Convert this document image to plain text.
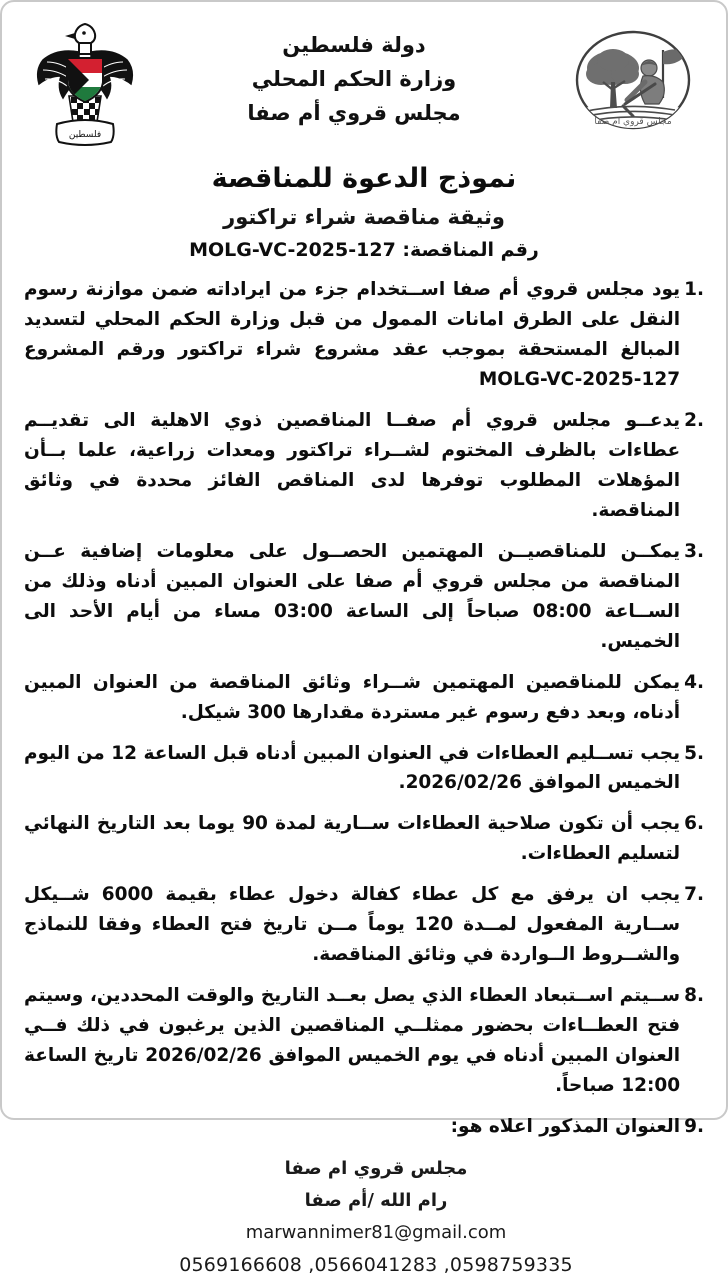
مجلس قروي ام صفا
دولة فلسطين
وزارة الحكم المحلي
مجلس قروي أم صفا
فلسطين
نموذج الدعوة للمناقصة
وثيقة مناقصة شراء تراكتور
رقم المناقصة: MOLG-VC-2025-127
1.
يود مجلس قروي أم صفا اســتخدام جزء من ايراداته ضمن موازنة رسوم النقل على الطرق امانات الممول من قبل وزارة الحكم المحلي لتسديد المبالغ المستحقة بموجب عقد مشروع شراء تراكتور ورقم المشروع MOLG-VC-2025-127
2.
يدعــو مجلس قروي أم صفــا المناقصين ذوي الاهلية الى تقديــم عطاءات بالظرف المختوم لشــراء تراكتور ومعدات زراعية، علما بــأن المؤهلات المطلوب توفرها لدى المناقص الفائز محددة في وثائق المناقصة.
3.
يمكــن للمناقصيــن المهتمين الحصــول على معلومات إضافية عــن المناقصة من مجلس قروي أم صفا على العنوان المبين أدناه وذلك من الســاعة 08:00 صباحاً إلى الساعة 03:00 مساء من أيام الأحد الى الخميس.
4.
يمكن للمناقصين المهتمين شــراء وثائق المناقصة من العنوان المبين أدناه، وبعد دفع رسوم غير مستردة مقدارها 300 شيكل.
5.
يجب تســليم العطاءات في العنوان المبين أدناه قبل الساعة 12 من اليوم الخميس الموافق 2026/02/26.
6.
يجب أن تكون صلاحية العطاءات ســارية لمدة 90 يوما بعد التاريخ النهائي لتسليم العطاءات.
7.
يجب ان يرفق مع كل عطاء كفالة دخول عطاء بقيمة 6000 شــيكل ســارية المفعول لمــدة 120 يوماً مــن تاريخ فتح العطاء وفقا للنماذج والشــروط الــواردة في وثائق المناقصة.
8.
ســيتم اســتبعاد العطاء الذي يصل بعــد التاريخ والوقت المحددين، وسيتم فتح العطــاءات بحضور ممثلــي المناقصين الذين يرغبون في ذلك فــي العنوان المبين أدناه في يوم الخميس الموافق 2026/02/26 تاريخ الساعة 12:00 صباحاً.
9.
العنوان المذكور اعلاه هو:
مجلس قروي ام صفا
رام الله /أم صفا
marwannimer81@gmail.com
0569166608 ,0566041283 ,0598759335
